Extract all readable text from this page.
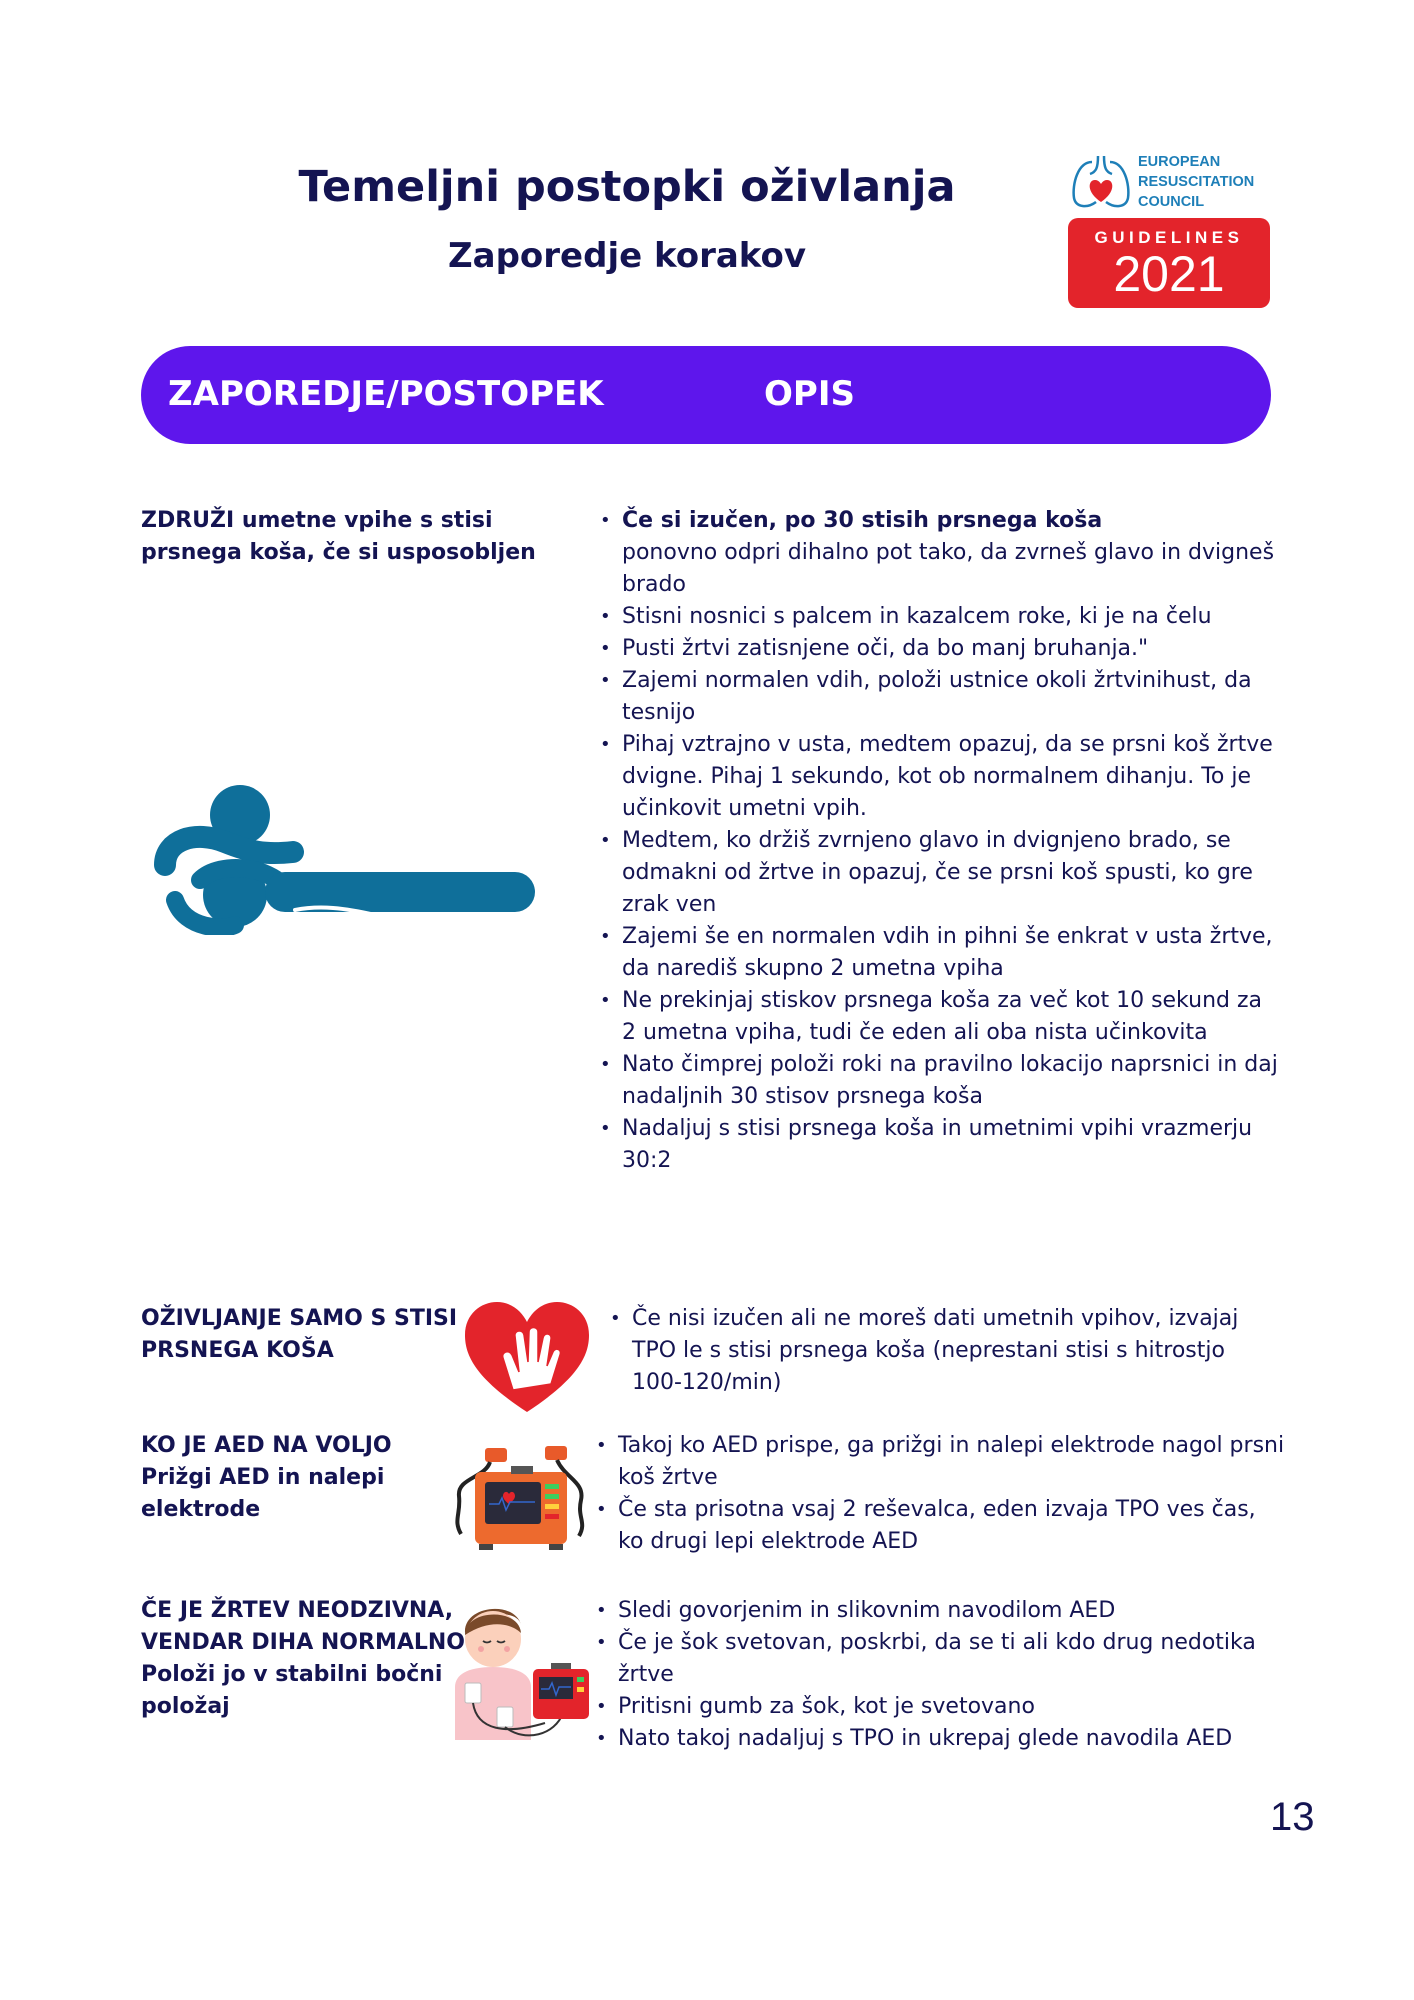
Temeljni postopki oživlanja
Zaporedje korakov
EUROPEAN
RESUSCITATION
COUNCIL
GUIDELINES
2021
ZAPOREDJE/POSTOPEK	OPIS
ZDRUŽI umetne vpihe s stisi prsnega koša, če si usposobljen
• Če si izučen, po 30 stisih prsnega koša
ponovno odpri dihalno pot tako, da zvrneš glavo in dvigneš brado
• Stisni nosnici s palcem in kazalcem roke, ki je na čelu
• Pusti žrtvi zatisnjene oči, da bo manj bruhanja."
• Zajemi normalen vdih, položi ustnice okoli žrtvinihust, da tesnijo
• Pihaj vztrajno v usta, medtem opazuj, da se prsni koš žrtve dvigne. Pihaj 1 sekundo, kot ob normalnem dihanju. To je učinkovit umetni vpih.
• Medtem, ko držiš zvrnjeno glavo in dvignjeno brado, se odmakni od žrtve in opazuj, če se prsni koš spusti, ko gre zrak ven
• Zajemi še en normalen vdih in pihni še enkrat v usta žrtve, da narediš skupno 2 umetna vpiha
• Ne prekinjaj stiskov prsnega koša za več kot 10 sekund za 2 umetna vpiha, tudi če eden ali oba nista učinkovita
• Nato čimprej položi roki na pravilno lokacijo naprsnici in daj nadaljnih 30 stisov prsnega koša
• Nadaljuj s stisi prsnega koša in umetnimi vpihi vrazmerju 30:2
OŽIVLJANJE SAMO S STISI PRSNEGA KOŠA
• Če nisi izučen ali ne moreš dati umetnih vpihov, izvajaj TPO le s stisi prsnega koša (neprestani stisi s hitrostjo 100-120/min)
KO JE AED NA VOLJO
Prižgi AED in nalepi elektrode
• Takoj ko AED prispe, ga prižgi in nalepi elektrode nagol prsni koš žrtve
• Če sta prisotna vsaj 2 reševalca, eden izvaja TPO ves čas, ko drugi lepi elektrode AED
ČE JE ŽRTEV NEODZIVNA, VENDAR DIHA NORMALNO
Položi jo v stabilni bočni položaj
• Sledi govorjenim in slikovnim navodilom AED
• Če je šok svetovan, poskrbi, da se ti ali kdo drug nedotika žrtve
• Pritisni gumb za šok, kot je svetovano
• Nato takoj nadaljuj s TPO in ukrepaj glede navodila AED
13
